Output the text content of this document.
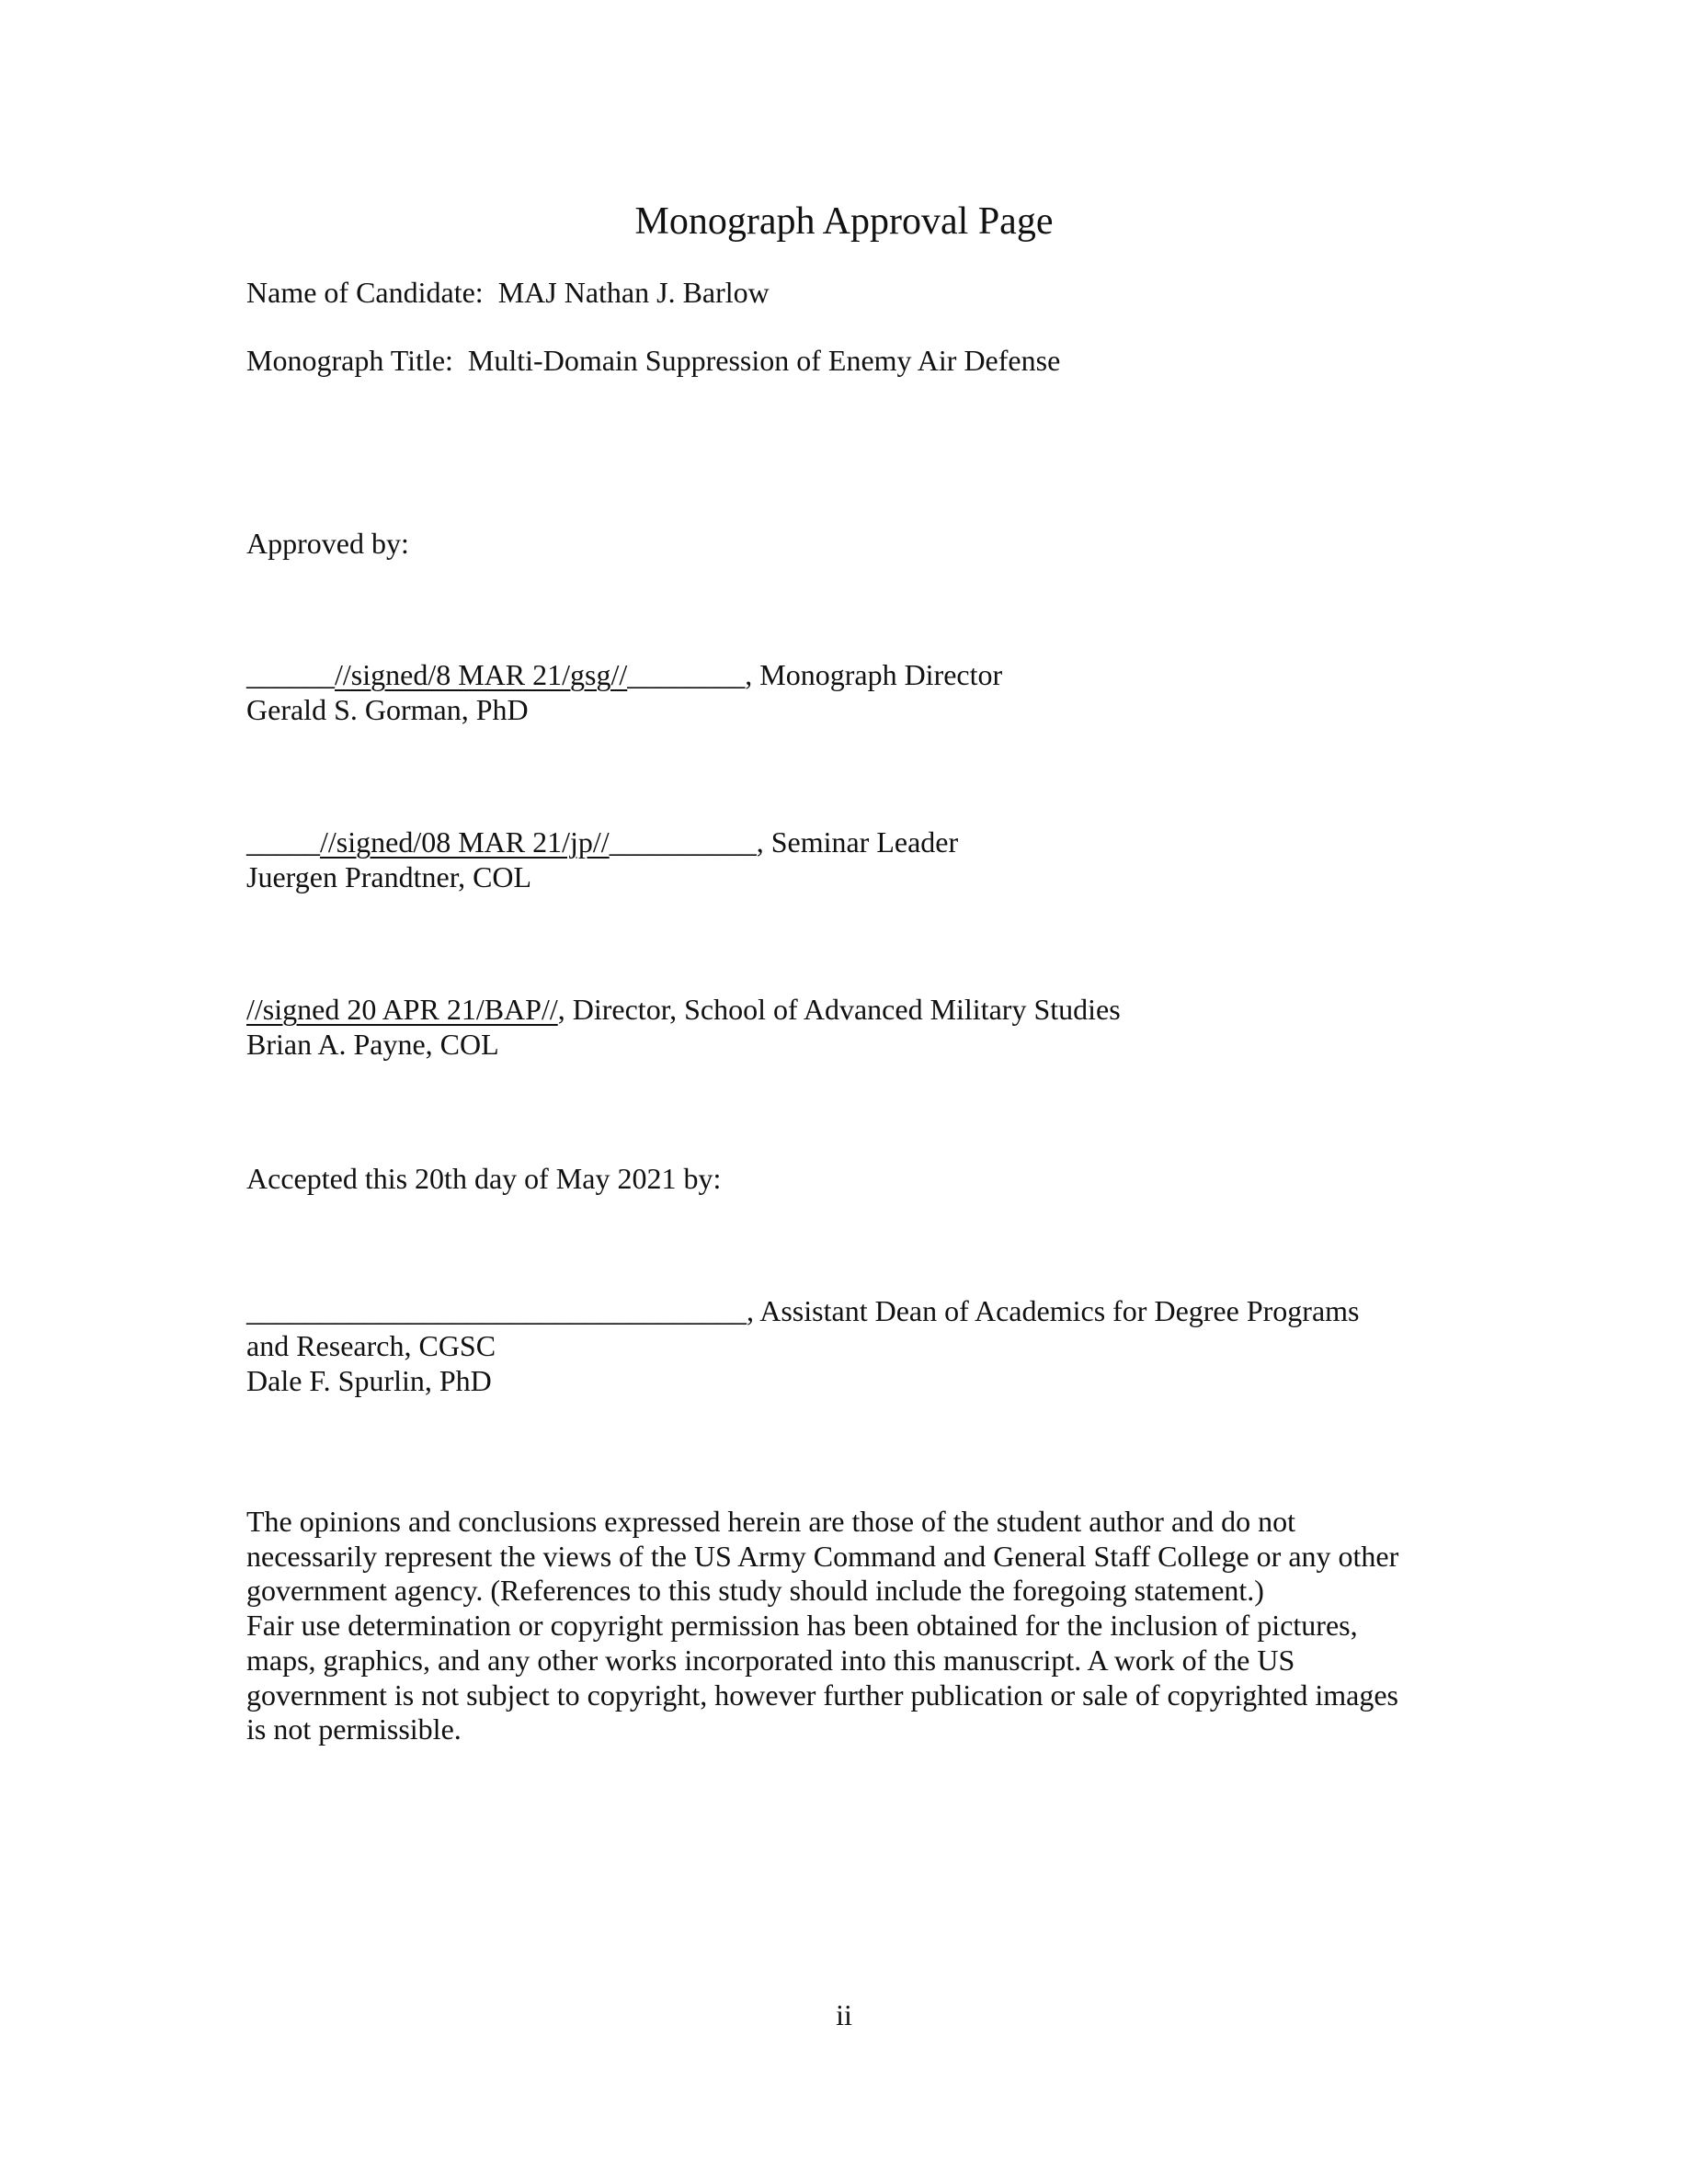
Monograph Approval Page
Name of Candidate: MAJ Nathan J. Barlow
Monograph Title: Multi-Domain Suppression of Enemy Air Defense
Approved by:
______//signed/8 MAR 21/gsg//________, Monograph Director
Gerald S. Gorman, PhD
_____//signed/08 MAR 21/jp//__________, Seminar Leader
Juergen Prandtner, COL
//signed 20 APR 21/BAP//, Director, School of Advanced Military Studies
Brian A. Payne, COL
Accepted this 20th day of May 2021 by:
__________________________________, Assistant Dean of Academics for Degree Programs
and Research, CGSC
Dale F. Spurlin, PhD
The opinions and conclusions expressed herein are those of the student author and do not
necessarily represent the views of the US Army Command and General Staff College or any other
government agency. (References to this study should include the foregoing statement.)
Fair use determination or copyright permission has been obtained for the inclusion of pictures,
maps, graphics, and any other works incorporated into this manuscript. A work of the US
government is not subject to copyright, however further publication or sale of copyrighted images
is not permissible.
ii
